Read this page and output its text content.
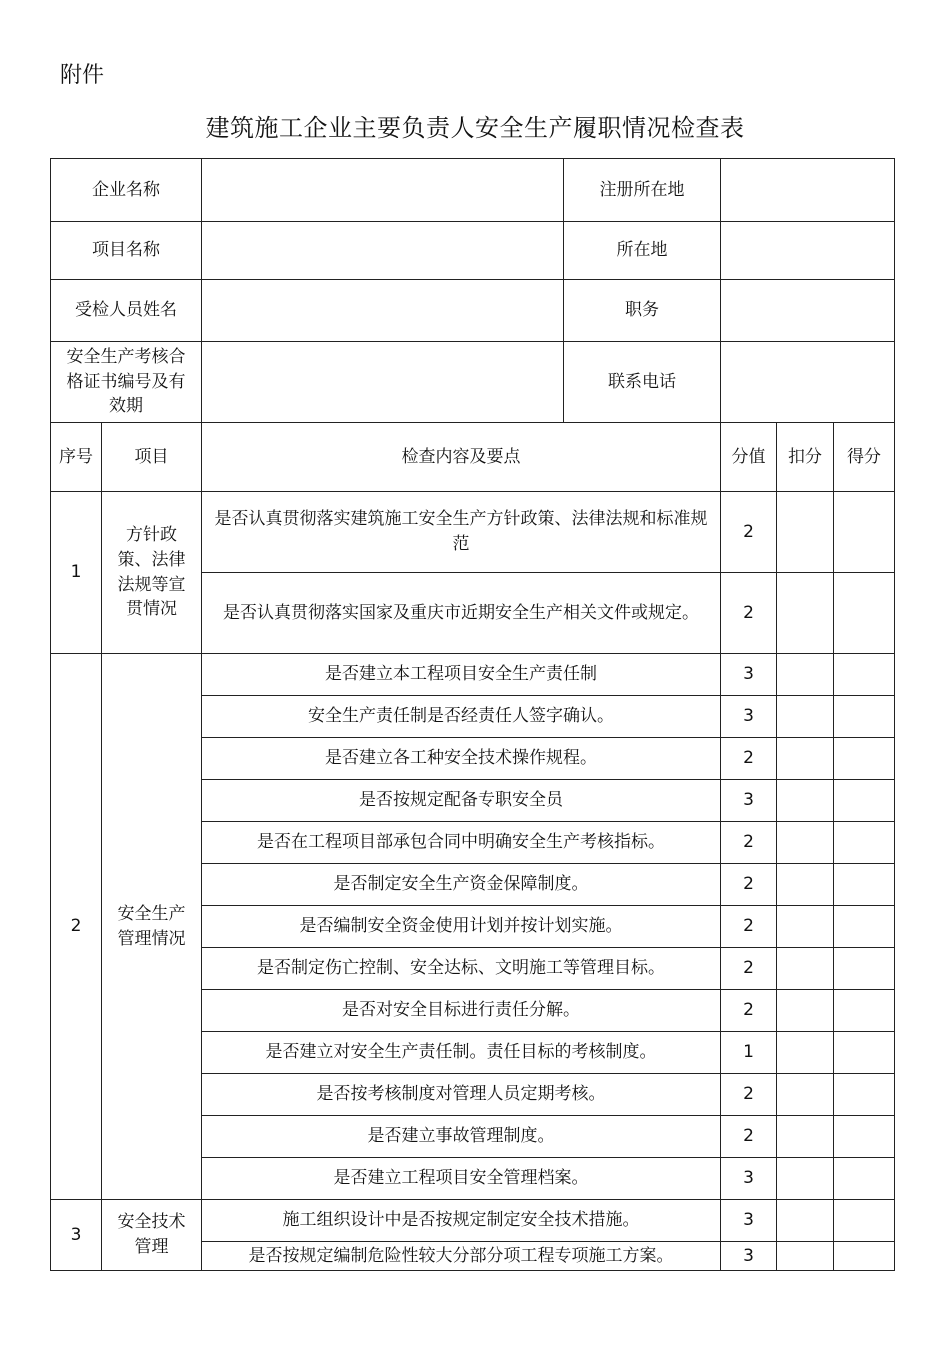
附件
建筑施工企业主要负责人安全生产履职情况检查表
企业名称			注册所在地			
项目名称			所在地			
受检人员姓名			职务			
安全生产考核合格证书编号及有效期			联系电话			
序号	项目	检查内容及要点		分值	扣分	得分
1	方针政策、法律法规等宣贯情况	是否认真贯彻落实建筑施工安全生产方针政策、法律法规和标准规范		2		
		是否认真贯彻落实国家及重庆市近期安全生产相关文件或规定。		2		
2	安全生产管理情况	是否建立本工程项目安全生产责任制		3		
		安全生产责任制是否经责任人签字确认。		3		
		是否建立各工种安全技术操作规程。		2		
		是否按规定配备专职安全员		3		
		是否在工程项目部承包合同中明确安全生产考核指标。		2		
		是否制定安全生产资金保障制度。		2		
		是否编制安全资金使用计划并按计划实施。		2		
		是否制定伤亡控制、安全达标、文明施工等管理目标。		2		
		是否对安全目标进行责任分解。		2		
		是否建立对安全生产责任制。责任目标的考核制度。		1		
		是否按考核制度对管理人员定期考核。		2		
		是否建立事故管理制度。		2		
		是否建立工程项目安全管理档案。		3		
3	安全技术管理	施工组织设计中是否按规定制定安全技术措施。		3		
		是否按规定编制危险性较大分部分项工程专项施工方案。		3		
